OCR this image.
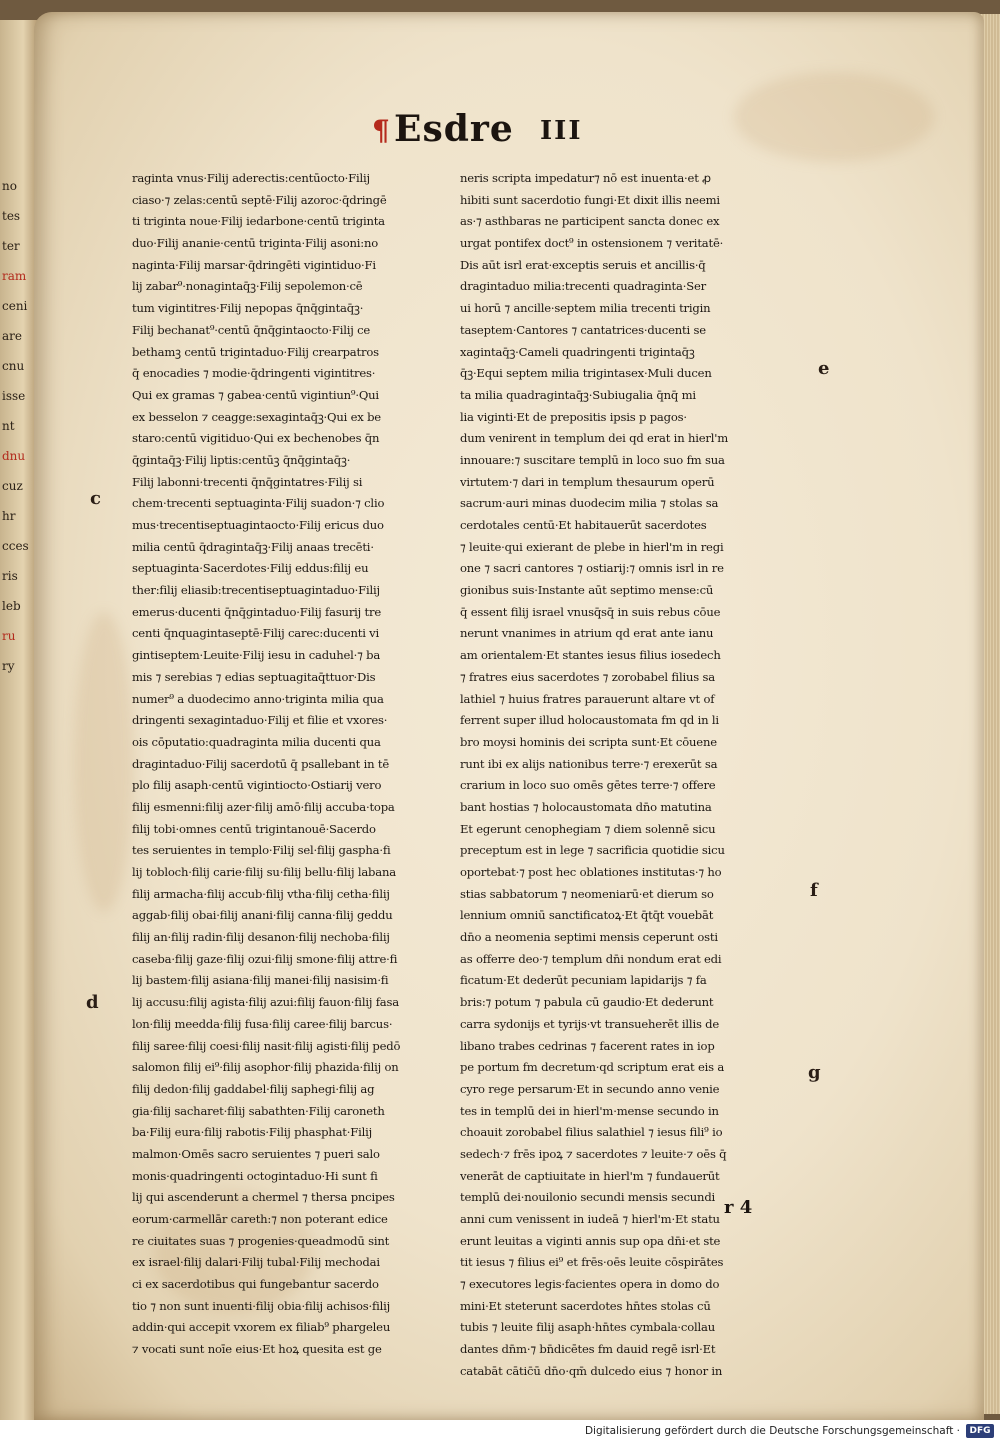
¶ Esdre III
raginta vnus·Filij aderectis:centūocto·Filij
ciaso·⁊ zelas:centū septē·Filij azoroc·q̄dringē
ti triginta noue·Filij iedarbone·centū triginta
duo·Filij ananie·centū triginta·Filij asoni:no
naginta·Filij marsar·q̄dringēti vigintiduo·Fi
lij zabar⁹·nonagintaq̄ꝫ·Filij sepolemon·cē
tum vigintitres·Filij nepopas q̄nq̄gintaq̄ꝫ·
Filij bechanat⁹·centū q̄nq̄gintaocto·Filij ce
bethamꝫ centū trigintaduo·Filij crearpatros
q̄ enocadies ⁊ modie·q̄dringenti vigintitres·
Qui ex gramas ⁊ gabea·centū vigintiun⁹·Qui
ex besselon ⁊ ceagge:sexagintaq̄ꝫ·Qui ex be
staro:centū vigitiduo·Qui ex bechenobes q̄n
q̄gintaq̄ꝫ·Filij liptis:centūꝫ q̄nq̄gintaq̄ꝫ·
Filij labonni·trecenti q̄nq̄gintatres·Filij si
chem·trecenti septuaginta·Filij suadon·⁊ clio
mus·trecentiseptuagintaocto·Filij ericus duo
milia centū q̄dragintaq̄ꝫ·Filij anaas trecēti·
septuaginta·Sacerdotes·Filij eddus:filij eu
ther:filij eliasib:trecentiseptuagintaduo·Filij
emerus·ducenti q̄nq̄gintaduo·Filij fasurij tre
centi q̄nquagintaseptē·Filij carec:ducenti vi
gintiseptem·Leuite·Filij iesu in caduhel·⁊ ba
mis ⁊ serebias ⁊ edias septuagitaq̄ttuor·Dis
numer⁹ a duodecimo anno·triginta milia qua
dringenti sexagintaduo·Filij et filie et vxores·
ois cōputatio:quadraginta milia ducenti qua
dragintaduo·Filij sacerdotū q̄ psallebant in tē
plo filij asaph·centū vigintiocto·Ostiarij vero
filij esmenni:filij azer·filij amō·filij accuba·topa
filij tobi·omnes centū trigintanouē·Sacerdo
tes seruientes in templo·Filij sel·filij gaspha·fi
lij tobloch·filij carie·filij su·filij bellu·filij labana
filij armacha·filij accub·filij vtha·filij cetha·filij
aggab·filij obai·filij anani·filij canna·filij geddu
filij an·filij radin·filij desanon·filij nechoba·filij
caseba·filij gaze·filij ozui·filij smone·filij attre·fi
lij bastem·filij asiana·filij manei·filij nasisim·fi
lij accusu:filij agista·filij azui:filij fauon·filij fasa
lon·filij meedda·filij fusa·filij caree·filij barcus·
filij saree·filij coesi·filij nasit·filij agisti·filij pedō
salomon filij ei⁹·filij asophor·filij phazida·filij on
filij dedon·filij gaddabel·filij saphegi·filij ag
gia·filij sacharet·filij sabathten·Filij caroneth
ba·Filij eura·filij rabotis·Filij phasphat·Filij
malmon·Omēs sacro seruientes ⁊ pueri salo
monis·quadringenti octogintaduo·Hi sunt fi
lij qui ascenderunt a chermel ⁊ thersa pncipes
eorum·carmellār careth:⁊ non poterant edice
re ciuitates suas ⁊ progenies·queadmodū sint
ex israel·filij dalari·Filij tubal·Filij mechodai
ci ex sacerdotibus qui fungebantur sacerdo
tio ⁊ non sunt inuenti·filij obia·filij achisos·filij
addin·qui accepit vxorem ex filiab⁹ phargeleu
⁊ vocati sunt noīe eius·Et hoꝝ quesita est ge
neris scripta impedatur⁊ nō est inuenta·et ꝓ
hibiti sunt sacerdotio fungi·Et dixit illis neemi
as·⁊ asthbaras ne participent sancta donec ex
urgat pontifex doct⁹ in ostensionem ⁊ veritatē·
Dis aūt isrl erat·exceptis seruis et ancillis·q̄
dragintaduo milia:trecenti quadraginta·Ser
ui horū ⁊ ancille·septem milia trecenti trigin
taseptem·Cantores ⁊ cantatrices·ducenti se
xagintaq̄ꝫ·Cameli quadringenti trigintaq̄ꝫ
q̄ꝫ·Equi septem milia trigintasex·Muli ducen
ta milia quadragintaq̄ꝫ·Subiugalia q̄nq̄ mi
lia viginti·Et de prepositis ipsis p pagos·
dum venirent in templum dei qd erat in hierl'm
innouare:⁊ suscitare templū in loco suo fm sua
virtutem·⁊ dari in templum thesaurum operū
sacrum·auri minas duodecim milia ⁊ stolas sa
cerdotales centū·Et habitauerūt sacerdotes
⁊ leuite·qui exierant de plebe in hierl'm in regi
one ⁊ sacri cantores ⁊ ostiarij:⁊ omnis isrl in re
gionibus suis·Instante aūt septimo mense:cū
q̄ essent filij israel vnusq̄sq̄ in suis rebus cōue
nerunt vnanimes in atrium qd erat ante ianu
am orientalem·Et stantes iesus filius iosedech
⁊ fratres eius sacerdotes ⁊ zorobabel filius sa
lathiel ⁊ huius fratres parauerunt altare vt of
ferrent super illud holocaustomata fm qd in li
bro moysi hominis dei scripta sunt·Et cōuene
runt ibi ex alijs nationibus terre·⁊ erexerūt sa
crarium in loco suo omēs gētes terre·⁊ offere
bant hostias ⁊ holocaustomata dn̄o matutina
Et egerunt cenophegiam ⁊ diem solennē sicu
preceptum est in lege ⁊ sacrificia quotidie sicu
oportebat·⁊ post hec oblationes institutas·⁊ ho
stias sabbatorum ⁊ neomeniarū·et dierum so
lennium omniū sanctificatoꝝ·Et q̄tq̄t vouebāt
dn̄o a neomenia septimi mensis ceperunt osti
as offerre deo·⁊ templum dn̄i nondum erat edi
ficatum·Et dederūt pecuniam lapidarijs ⁊ fa
bris:⁊ potum ⁊ pabula cū gaudio·Et dederunt
carra sydonijs et tyrijs·vt transueherēt illis de
libano trabes cedrinas ⁊ facerent rates in iop
pe portum fm decretum·qd scriptum erat eis a
cyro rege persarum·Et in secundo anno venie
tes in templū dei in hierl'm·mense secundo in
choauit zorobabel filius salathiel ⁊ iesus fili⁹ io
sedech·⁊ frēs ipoꝝ ⁊ sacerdotes ⁊ leuite·⁊ oēs q̄
venerāt de captiuitate in hierl'm ⁊ fundauerūt
templū dei·nouilonio secundi mensis secundi
anni cum venissent in iudeā ⁊ hierl'm·Et statu
erunt leuitas a viginti annis sup opa dn̄i·et ste
tit iesus ⁊ filius ei⁹ et frēs·oēs leuite cōspirātes
⁊ executores legis·facientes opera in domo do
mini·Et steterunt sacerdotes hn̄tes stolas cū
tubis ⁊ leuite filij asaph·hn̄tes cymbala·collau
dantes dn̄m·⁊ bn̄dicētes fm dauid regē isrl·Et
catabāt cātic̄ū dn̄o·qm̄ dulcedo eius ⁊ honor in
e
c
f
d
g
r 4
no
tes
ter
ram
ceni
are
cnu
isse
nt
dnu
cuz
hr
cces
ris
leb
ru
ry
Digitalisierung gefördert durch die Deutsche Forschungsgemeinschaft ·	DFG
